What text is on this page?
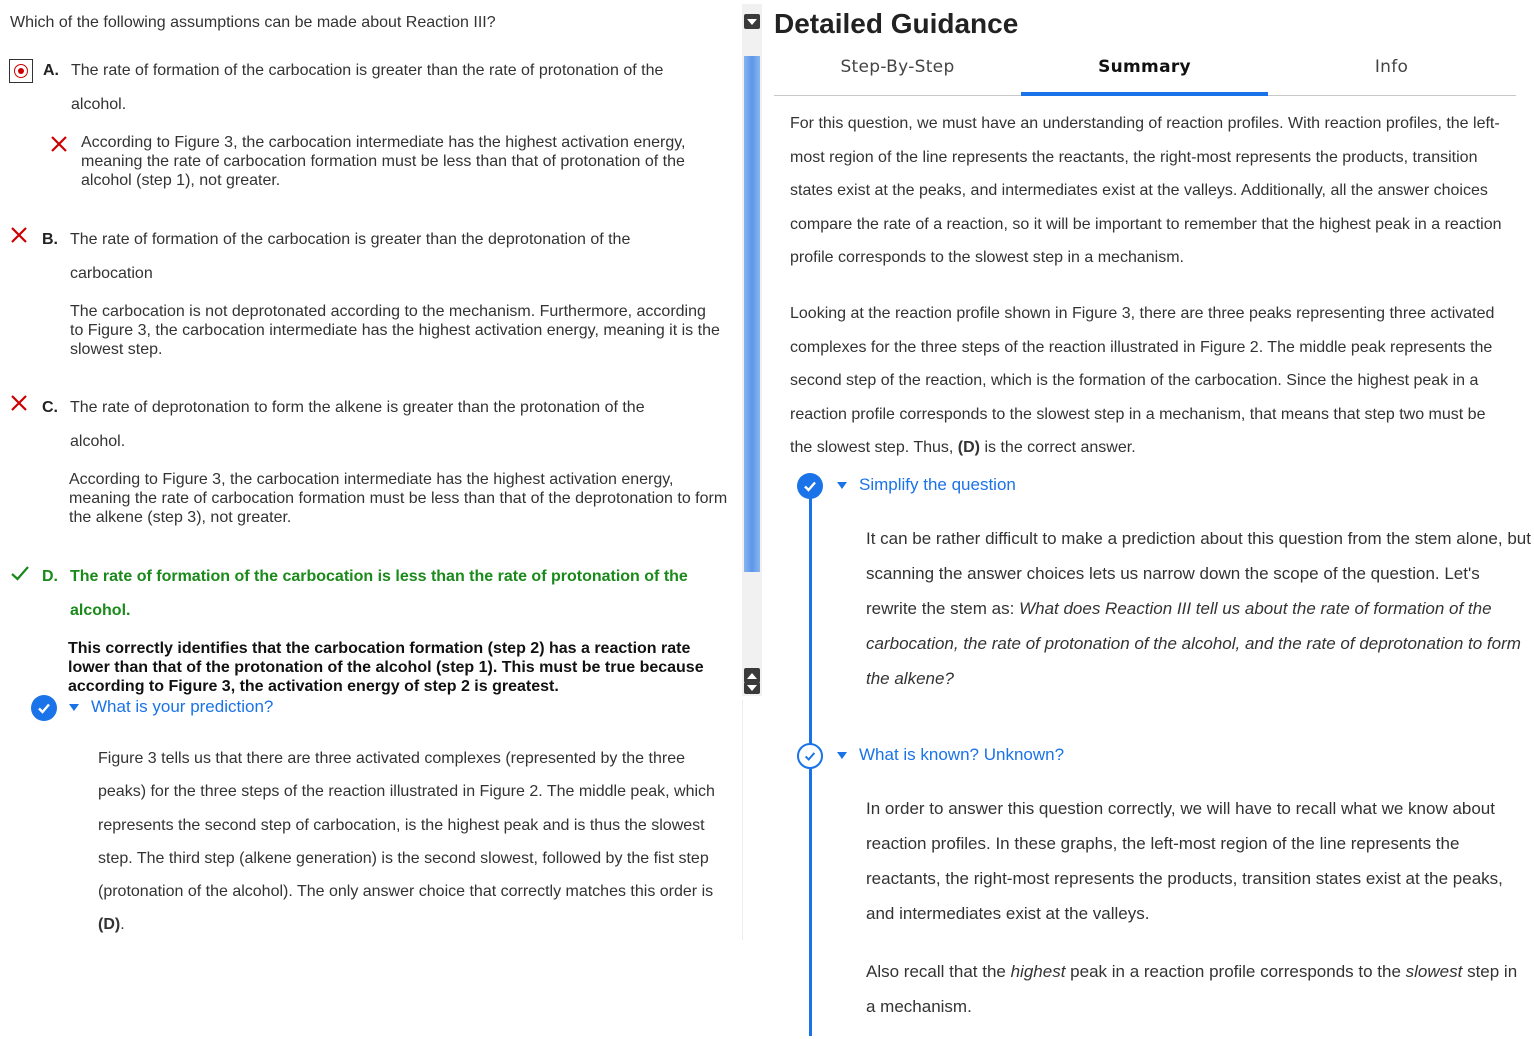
Which of the following assumptions can be made about Reaction III?
A. The rate of formation of the carbocation is greater than the rate of protonation of the alcohol.
According to Figure 3, the carbocation intermediate has the highest activation energy, meaning the rate of carbocation formation must be less than that of protonation of the alcohol (step 1), not greater.
B. The rate of formation of the carbocation is greater than the deprotonation of the carbocation
The carbocation is not deprotonated according to the mechanism. Furthermore, according to Figure 3, the carbocation intermediate has the highest activation energy, meaning it is the slowest step.
C. The rate of deprotonation to form the alkene is greater than the protonation of the alcohol.
According to Figure 3, the carbocation intermediate has the highest activation energy, meaning the rate of carbocation formation must be less than that of the deprotonation to form the alkene (step 3), not greater.
D. The rate of formation of the carbocation is less than the rate of protonation of the alcohol.
This correctly identifies that the carbocation formation (step 2) has a reaction rate lower than that of the protonation of the alcohol (step 1). This must be true because according to Figure 3, the activation energy of step 2 is greatest.
What is your prediction?
Figure 3 tells us that there are three activated complexes (represented by the three peaks) for the three steps of the reaction illustrated in Figure 2. The middle peak, which represents the second step of carbocation, is the highest peak and is thus the slowest step. The third step (alkene generation) is the second slowest, followed by the fist step (protonation of the alcohol). The only answer choice that correctly matches this order is (D).
Detailed Guidance
Step-By-Step	Summary	Info
For this question, we must have an understanding of reaction profiles. With reaction profiles, the left-most region of the line represents the reactants, the right-most represents the products, transition states exist at the peaks, and intermediates exist at the valleys. Additionally, all the answer choices compare the rate of a reaction, so it will be important to remember that the highest peak in a reaction profile corresponds to the slowest step in a mechanism.
Looking at the reaction profile shown in Figure 3, there are three peaks representing three activated complexes for the three steps of the reaction illustrated in Figure 2. The middle peak represents the second step of the reaction, which is the formation of the carbocation. Since the highest peak in a reaction profile corresponds to the slowest step in a mechanism, that means that step two must be the slowest step. Thus, (D) is the correct answer.
Simplify the question
It can be rather difficult to make a prediction about this question from the stem alone, but scanning the answer choices lets us narrow down the scope of the question. Let's rewrite the stem as: What does Reaction III tell us about the rate of formation of the carbocation, the rate of protonation of the alcohol, and the rate of deprotonation to form the alkene?
What is known? Unknown?
In order to answer this question correctly, we will have to recall what we know about reaction profiles. In these graphs, the left-most region of the line represents the reactants, the right-most represents the products, transition states exist at the peaks, and intermediates exist at the valleys.
Also recall that the highest peak in a reaction profile corresponds to the slowest step in a mechanism.
